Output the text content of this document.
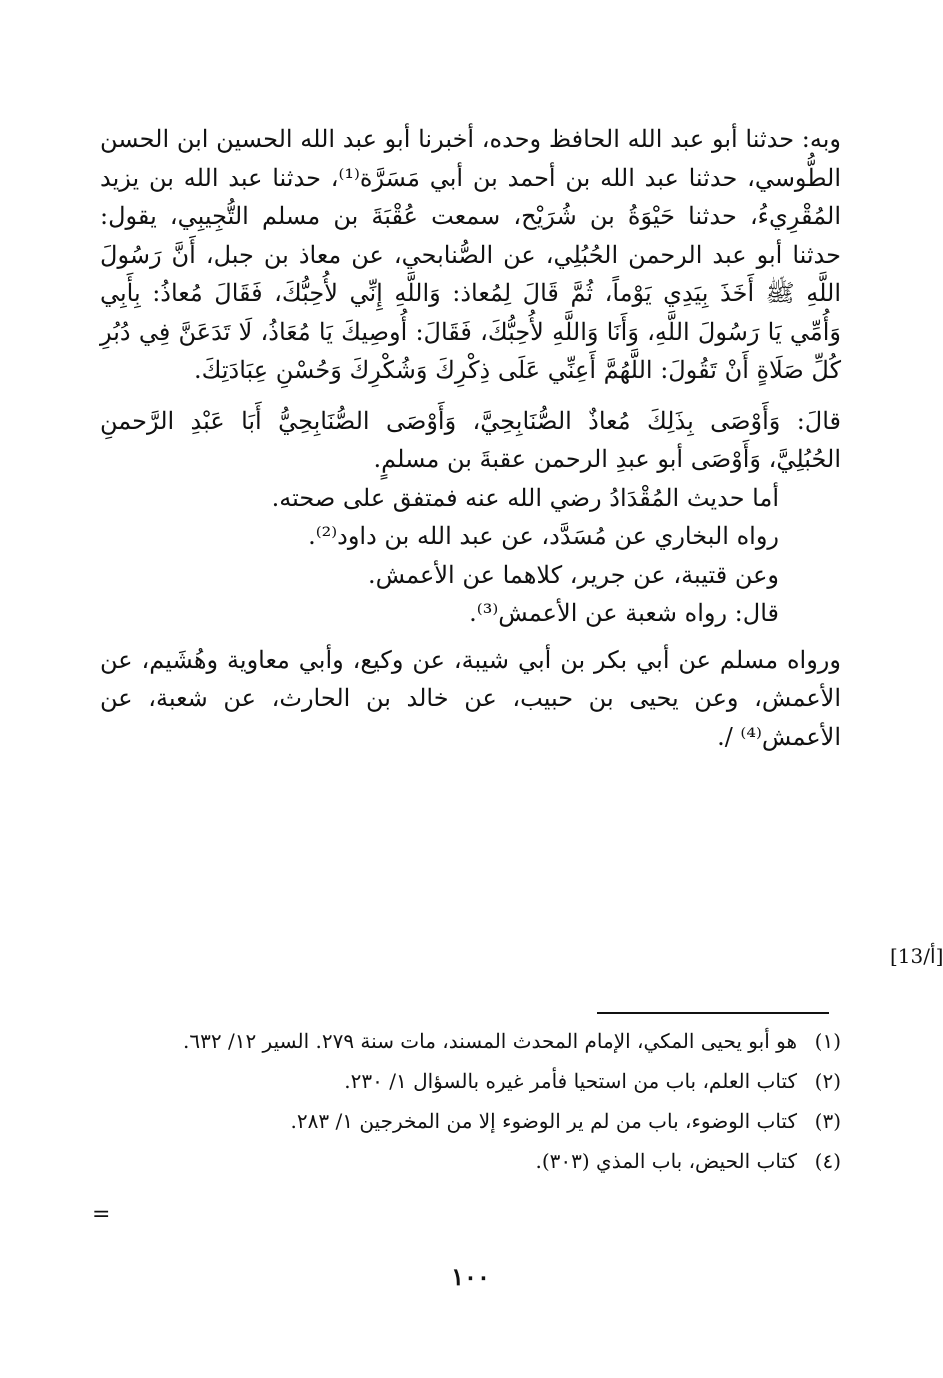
وبه: حدثنا أبو عبد الله الحافظ وحده، أخبرنا أبو عبد الله الحسين ابن الحسن الطُّوسي، حدثنا عبد الله بن أحمد بن أبي مَسَرَّة⁽¹⁾، حدثنا عبد الله بن يزيد المُقْرِيءُ، حدثنا حَيْوَةُ بن شُرَيْح، سمعت عُقْبَةَ بن مسلم التُّجِيبِي، يقول: حدثنا أبو عبد الرحمن الحُبُلِي، عن الصُّنابحي، عن معاذ بن جبل، أَنَّ رَسُولَ اللَّهِ ﷺ أَخَذَ بِيَدِي يَوْماً، ثُمَّ قَالَ لِمُعاذ: وَاللَّهِ إِنِّي لأُحِبُّكَ، فَقَالَ مُعاذُ: بِأَبِي وَأُمِّي يَا رَسُولَ اللَّهِ، وَأَنَا وَاللَّهِ لأُحِبُّكَ، فَقَالَ: أُوصِيكَ يَا مُعَاذُ، لَا تَدَعَنَّ فِي دُبُرِ كُلِّ صَلَاةٍ أَنْ تَقُولَ: اللَّهُمَّ أَعِنِّي عَلَى ذِكْرِكَ وَشُكْرِكَ وَحُسْنِ عِبَادَتِكَ.

قالَ: وَأَوْصَى بِذَلِكَ مُعاذٌ الصُّنَابِحِيَّ، وَأَوْصَى الصُّنَابِحِيُّ أَبَا عَبْدِ الرَّحمنِ الحُبُلِيَّ، وَأَوْصَى أبو عبدِ الرحمن عقبةَ بن مسلمٍ.

أما حديث المُقْدَادُ رضي الله عنه فمتفق على صحته.

رواه البخاري عن مُسَدَّد، عن عبد الله بن داود⁽²⁾.

وعن قتيبة، عن جرير، كلاهما عن الأعمش.

قال: رواه شعبة عن الأعمش⁽³⁾.

ورواه مسلم عن أبي بكر بن أبي شيبة، عن وكيع، وأبي معاوية وهُشَيم، عن الأعمش، وعن يحيى بن حبيب، عن خالد بن الحارث، عن شعبة، عن الأعمش⁽⁴⁾ /.

[13/أ]
(١)
هو أبو يحيى المكي، الإمام المحدث المسند، مات سنة ٢٧٩. السير ١٢/ ٦٣٢.
(٢)
كتاب العلم، باب من استحيا فأمر غيره بالسؤال ١/ ٢٣٠.
(٣)
كتاب الوضوء، باب من لم ير الوضوء إلا من المخرجين ١/ ٢٨٣.
(٤)
كتاب الحيض، باب المذي (٣٠٣).
=
١٠٠
